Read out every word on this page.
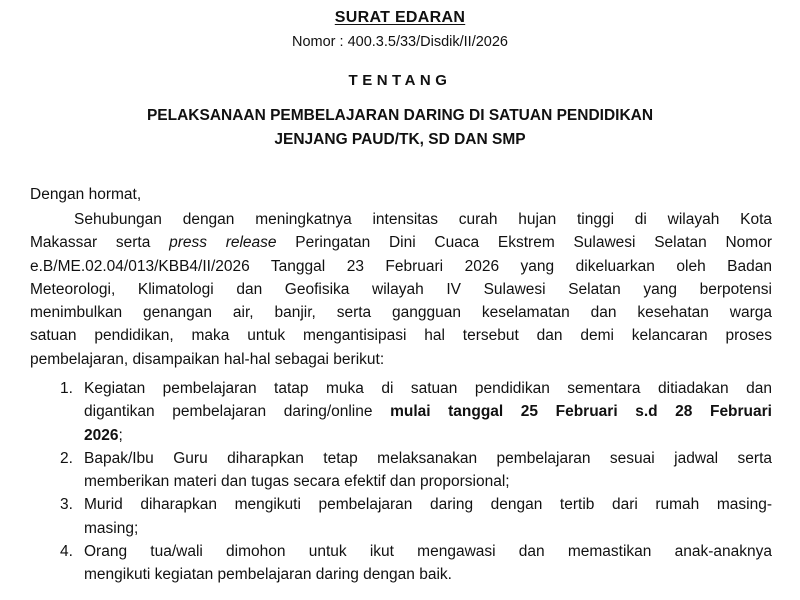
SURAT EDARAN
Nomor : 400.3.5/33/Disdik/II/2026
TENTANG
PELAKSANAAN PEMBELAJARAN DARING DI SATUAN PENDIDIKAN
JENJANG PAUD/TK, SD DAN SMP
Dengan hormat,
Sehubungan dengan meningkatnya intensitas curah hujan tinggi di wilayah Kota
Makassar serta press release Peringatan Dini Cuaca Ekstrem Sulawesi Selatan Nomor
e.B/ME.02.04/013/KBB4/II/2026 Tanggal 23 Februari 2026 yang dikeluarkan oleh Badan
Meteorologi, Klimatologi dan Geofisika wilayah IV Sulawesi Selatan yang berpotensi
menimbulkan genangan air, banjir, serta gangguan keselamatan dan kesehatan warga
satuan pendidikan, maka untuk mengantisipasi hal tersebut dan demi kelancaran proses
pembelajaran, disampaikan hal-hal sebagai berikut:
1. Kegiatan pembelajaran tatap muka di satuan pendidikan sementara ditiadakan dan
digantikan pembelajaran daring/online mulai tanggal 25 Februari s.d 28 Februari
2026;
2. Bapak/Ibu Guru diharapkan tetap melaksanakan pembelajaran sesuai jadwal serta
memberikan materi dan tugas secara efektif dan proporsional;
3. Murid diharapkan mengikuti pembelajaran daring dengan tertib dari rumah masing-
masing;
4. Orang tua/wali dimohon untuk ikut mengawasi dan memastikan anak-anaknya
mengikuti kegiatan pembelajaran daring dengan baik.
